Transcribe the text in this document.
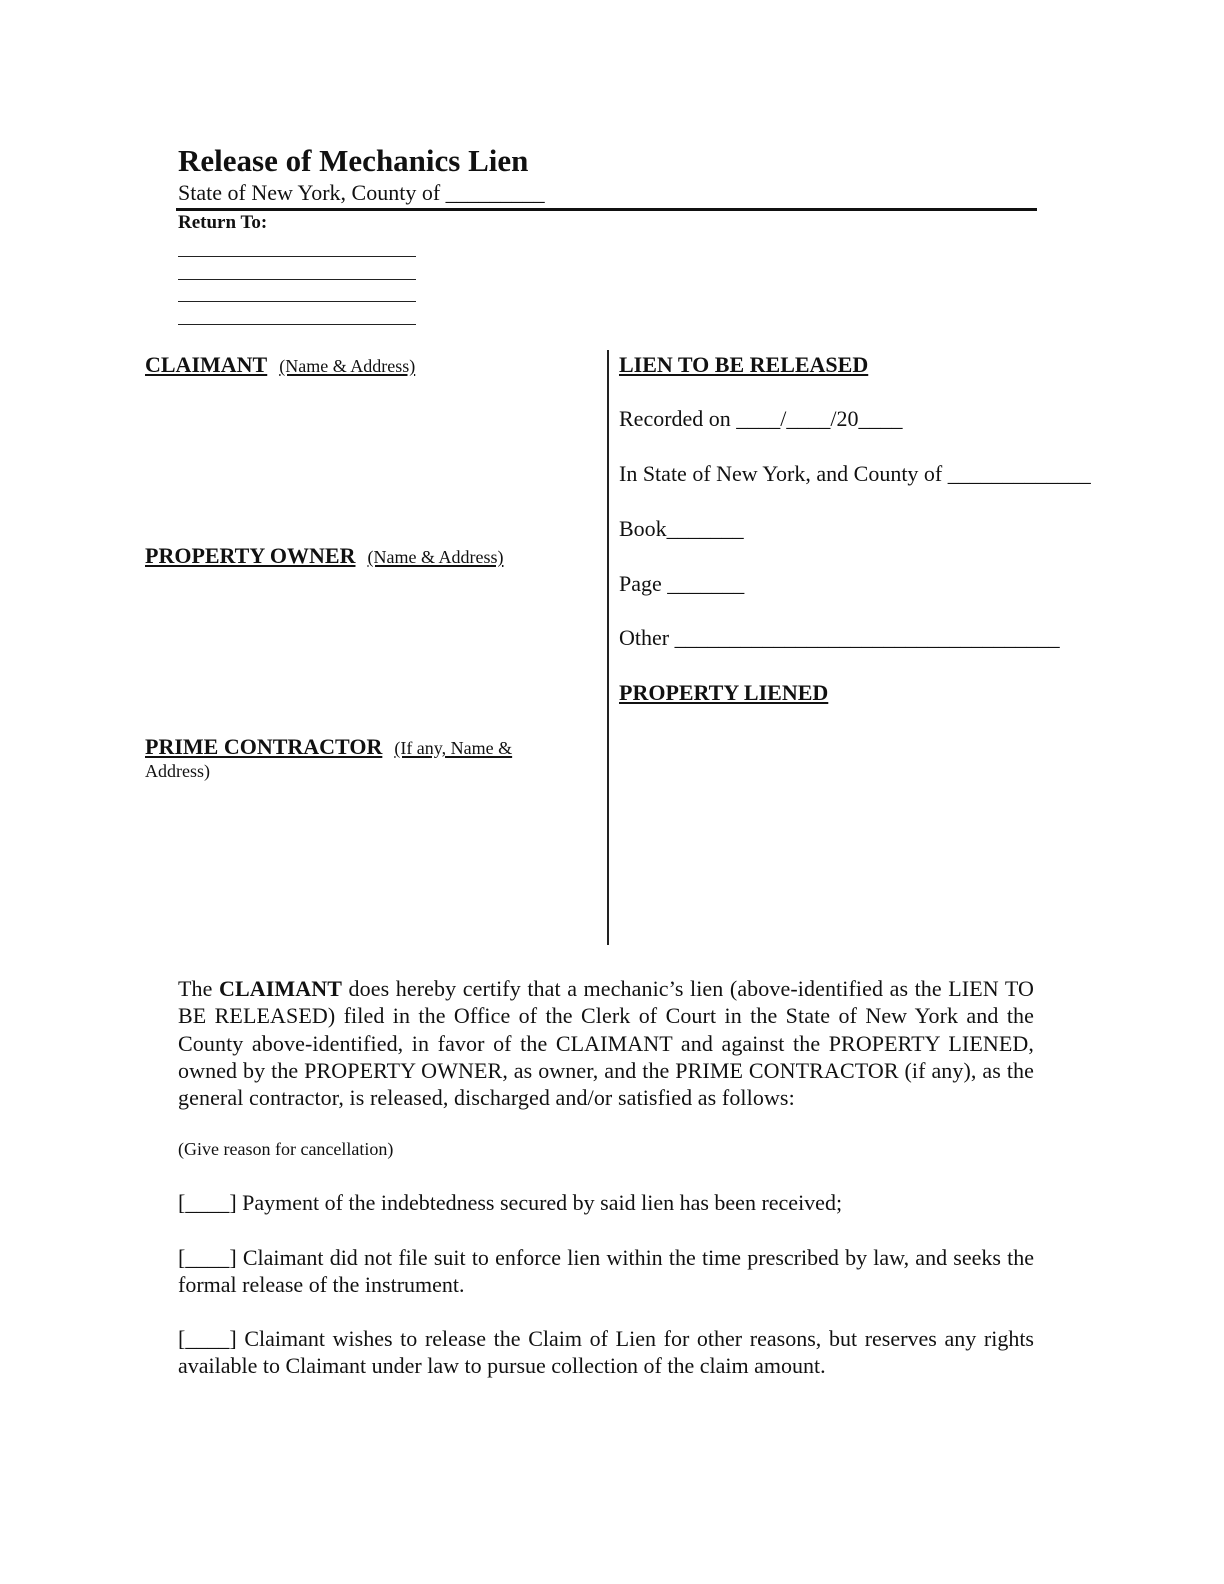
Release of Mechanics Lien
State of New York, County of _________
Return To:
CLAIMANT (Name & Address)
PROPERTY OWNER (Name & Address)
PRIME CONTRACTOR (If any, Name &
Address)
LIEN TO BE RELEASED
Recorded on ____/____/20____
In State of New York, and County of _____________
Book_______
Page _______
Other ___________________________________
PROPERTY LIENED
The CLAIMANT does hereby certify that a mechanic’s lien (above-identified as the LIEN TO BE RELEASED) filed in the Office of the Clerk of Court in the State of New York and the County above-identified, in favor of the CLAIMANT and against the PROPERTY LIENED, owned by the PROPERTY OWNER, as owner, and the PRIME CONTRACTOR (if any), as the general contractor, is released, discharged and/or satisfied as follows:
(Give reason for cancellation)
[____] Payment of the indebtedness secured by said lien has been received;
[____] Claimant did not file suit to enforce lien within the time prescribed by law, and seeks the formal release of the instrument.
[____] Claimant wishes to release the Claim of Lien for other reasons, but reserves any rights available to Claimant under law to pursue collection of the claim amount.
